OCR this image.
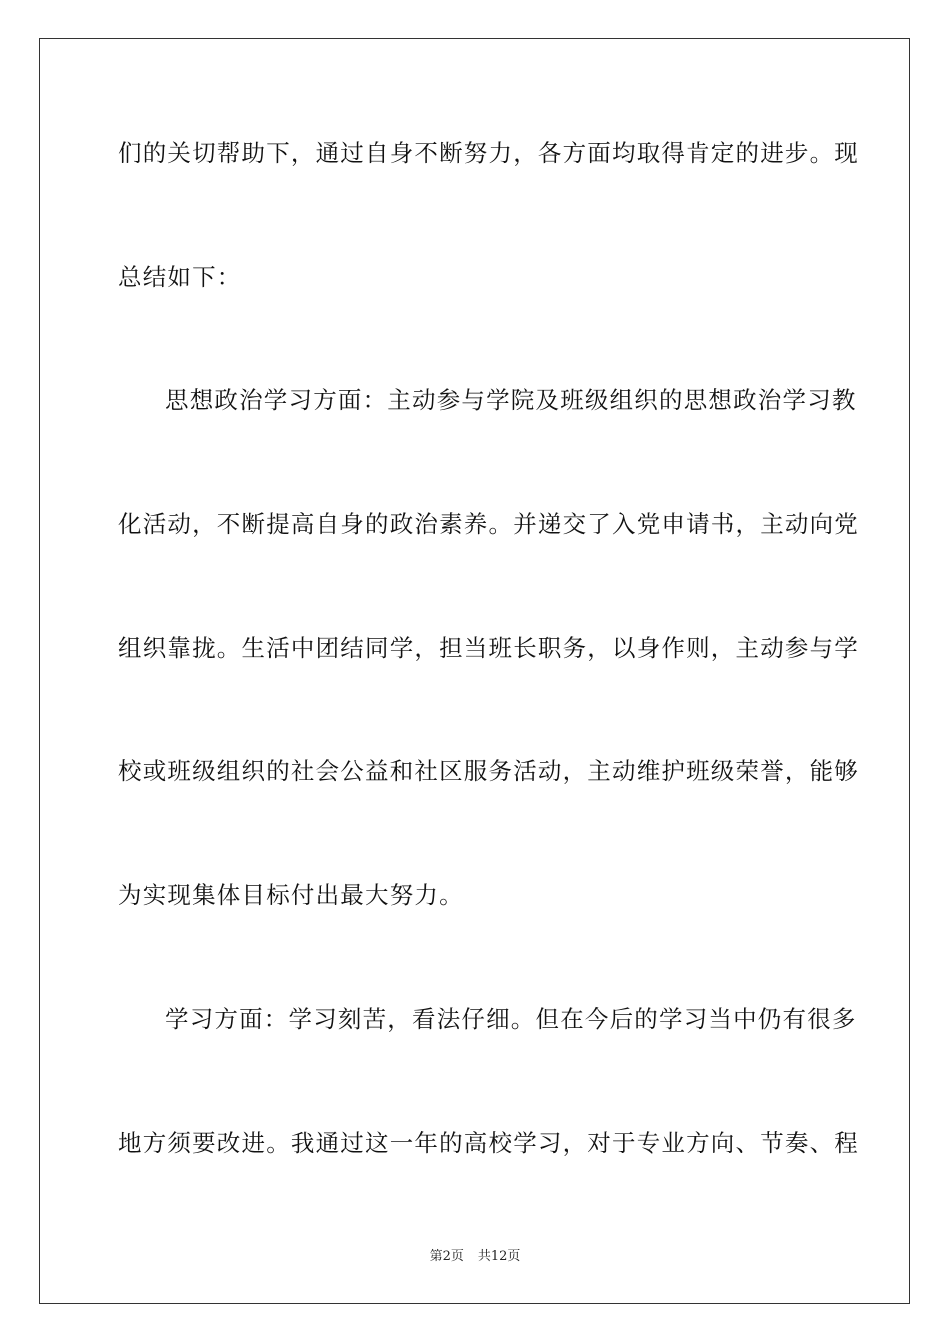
们的关切帮助下，通过自身不断努力，各方面均取得肯定的进步。现
总结如下：
思想政治学习方面：主动参与学院及班级组织的思想政治学习教
化活动，不断提高自身的政治素养。并递交了入党申请书，主动向党
组织靠拢。生活中团结同学，担当班长职务，以身作则，主动参与学
校或班级组织的社会公益和社区服务活动，主动维护班级荣誉，能够
为实现集体目标付出最大努力。
学习方面：学习刻苦，看法仔细。但在今后的学习当中仍有很多
地方须要改进。我通过这一年的高校学习，对于专业方向、节奏、程
第2页 共12页
